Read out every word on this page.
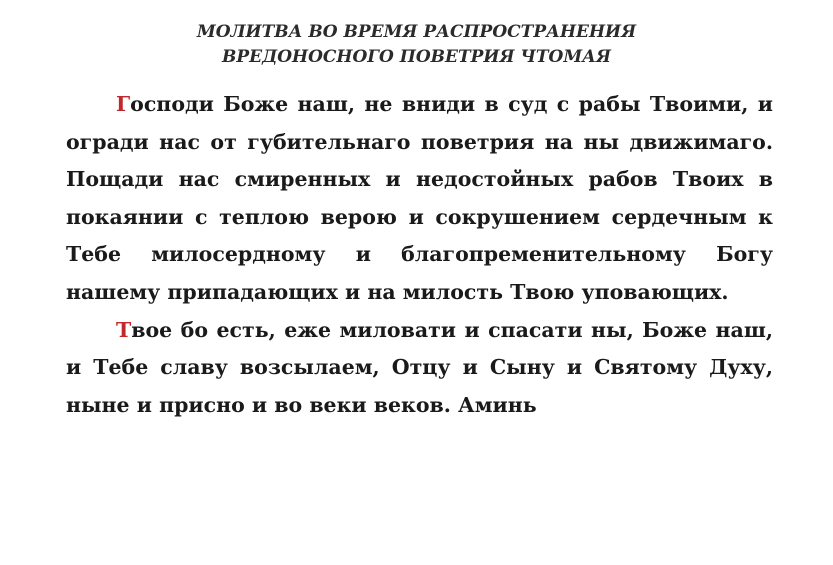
МОЛИТВА ВО ВРЕМЯ РАСПРОСТРАНЕНИЯ
ВРЕДОНОСНОГО ПОВЕТРИЯ ЧТОМАЯ

Господи Боже наш, не вниди в суд с рабы Твоими, и огради нас от губительнаго поветрия на ны движимаго. Пощади нас смиренных и недостойных рабов Твоих в покаянии с теплою верою и сокрушением сердечным к Тебе милосердному и благопременительному Богу нашему припадающих и на милость Твою уповающих.

Твое бо есть, еже миловати и спасати ны, Боже наш, и Тебе славу возсылаем, Отцу и Сыну и Святому Духу, ныне и присно и во веки веков. Аминь
